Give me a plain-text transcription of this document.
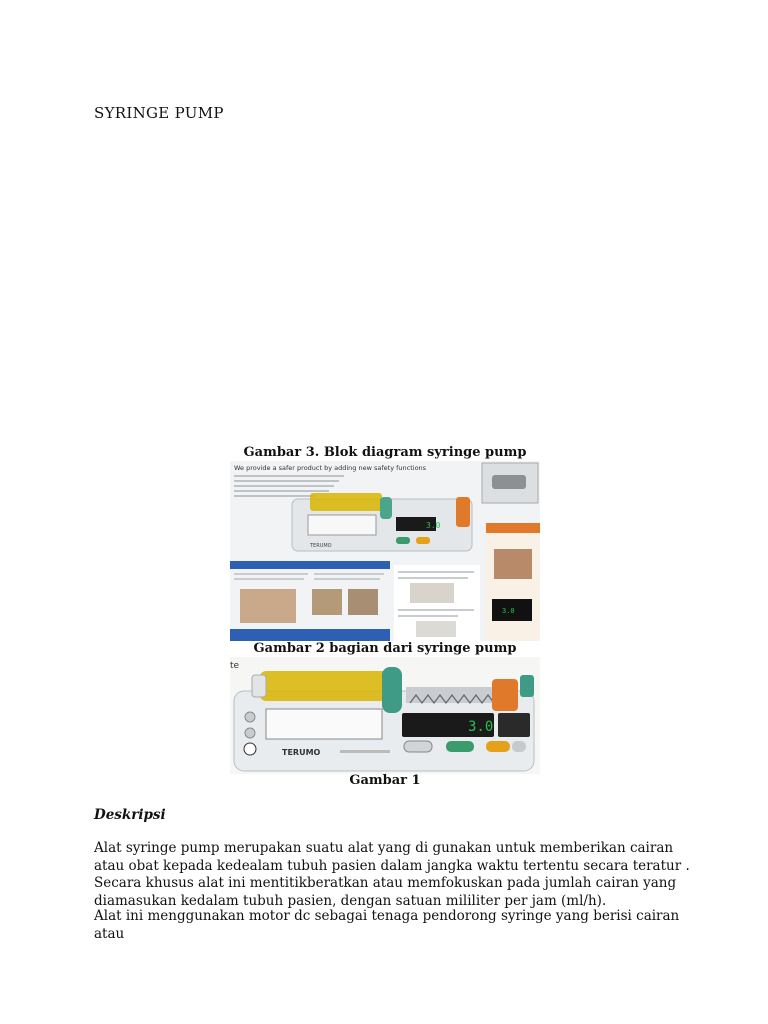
SYRINGE PUMP
Gambar 3. Blok diagram syringe pump
We provide a safer product by adding new safety functions
3.0
TERUMO
3.0
Gambar 2 bagian dari syringe pump
te
TERUMO
3.0
Gambar 1
Deskripsi
Alat syringe pump merupakan suatu alat yang di gunakan untuk memberikan cairan atau obat kepada kedealam tubuh pasien dalam jangka waktu tertentu secara teratur . Secara khusus alat ini mentitikberatkan atau memfokuskan pada jumlah cairan yang diamasukan kedalam tubuh pasien, dengan satuan mililiter per jam (ml/h).
Alat ini menggunakan motor dc sebagai tenaga pendorong syringe yang berisi cairan atau
